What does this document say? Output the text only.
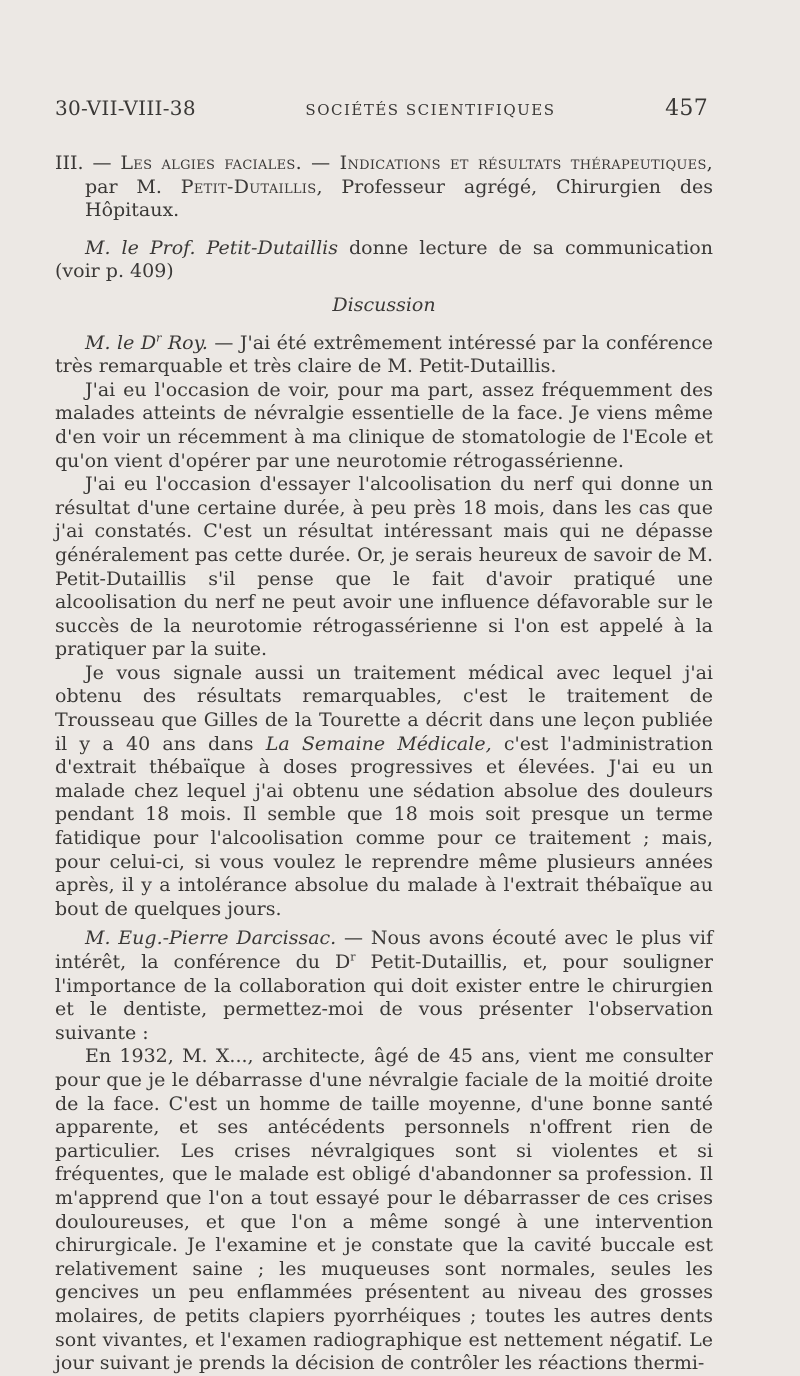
30-VII-VIII-38	SOCIÉTÉS SCIENTIFIQUES	457

III. — Les algies faciales. — Indications et résultats thérapeutiques, par M. Petit-Dutaillis, Professeur agrégé, Chirurgien des Hôpitaux.

M. le Prof. Petit-Dutaillis donne lecture de sa communication (voir p. 409)

Discussion

M. le $D^r$ Roy. — J'ai été extrêmement intéressé par la conférence très remarquable et très claire de M. Petit-Dutaillis.

J'ai eu l'occasion de voir, pour ma part, assez fréquemment des malades atteints de névralgie essentielle de la face. Je viens même d'en voir un récemment à ma clinique de stomatologie de l'Ecole et qu'on vient d'opérer par une neurotomie rétrogassérienne.

J'ai eu l'occasion d'essayer l'alcoolisation du nerf qui donne un résultat d'une certaine durée, à peu près 18 mois, dans les cas que j'ai constatés. C'est un résultat intéressant mais qui ne dépasse généralement pas cette durée. Or, je serais heureux de savoir de M. Petit-Dutaillis s'il pense que le fait d'avoir pratiqué une alcoolisation du nerf ne peut avoir une influence défavorable sur le succès de la neurotomie rétrogassérienne si l'on est appelé à la pratiquer par la suite.

Je vous signale aussi un traitement médical avec lequel j'ai obtenu des résultats remarquables, c'est le traitement de Trousseau que Gilles de la Tourette a décrit dans une leçon publiée il y a 40 ans dans La Semaine Médicale, c'est l'administration d'extrait thébaïque à doses progressives et élevées. J'ai eu un malade chez lequel j'ai obtenu une sédation absolue des douleurs pendant 18 mois. Il semble que 18 mois soit presque un terme fatidique pour l'alcoolisation comme pour ce traitement ; mais, pour celui-ci, si vous voulez le reprendre même plusieurs années après, il y a intolérance absolue du malade à l'extrait thébaïque au bout de quelques jours.

M. Eug.-Pierre Darcissac. — Nous avons écouté avec le plus vif intérêt, la conférence du $D^r$ Petit-Dutaillis, et, pour souligner l'importance de la collaboration qui doit exister entre le chirurgien et le dentiste, permettez-moi de vous présenter l'observation suivante :

En 1932, M. X..., architecte, âgé de 45 ans, vient me consulter pour que je le débarrasse d'une névralgie faciale de la moitié droite de la face. C'est un homme de taille moyenne, d'une bonne santé apparente, et ses antécédents personnels n'offrent rien de particulier. Les crises névralgiques sont si violentes et si fréquentes, que le malade est obligé d'abandonner sa profession. Il m'apprend que l'on a tout essayé pour le débarrasser de ces crises douloureuses, et que l'on a même songé à une intervention chirurgicale. Je l'examine et je constate que la cavité buccale est relativement saine ; les muqueuses sont normales, seules les gencives un peu enflammées présentent au niveau des grosses molaires, de petits clapiers pyorrhéiques ; toutes les autres dents sont vivantes, et l'examen radiographique est nettement négatif. Le jour suivant je prends la décision de contrôler les réactions thermi-
